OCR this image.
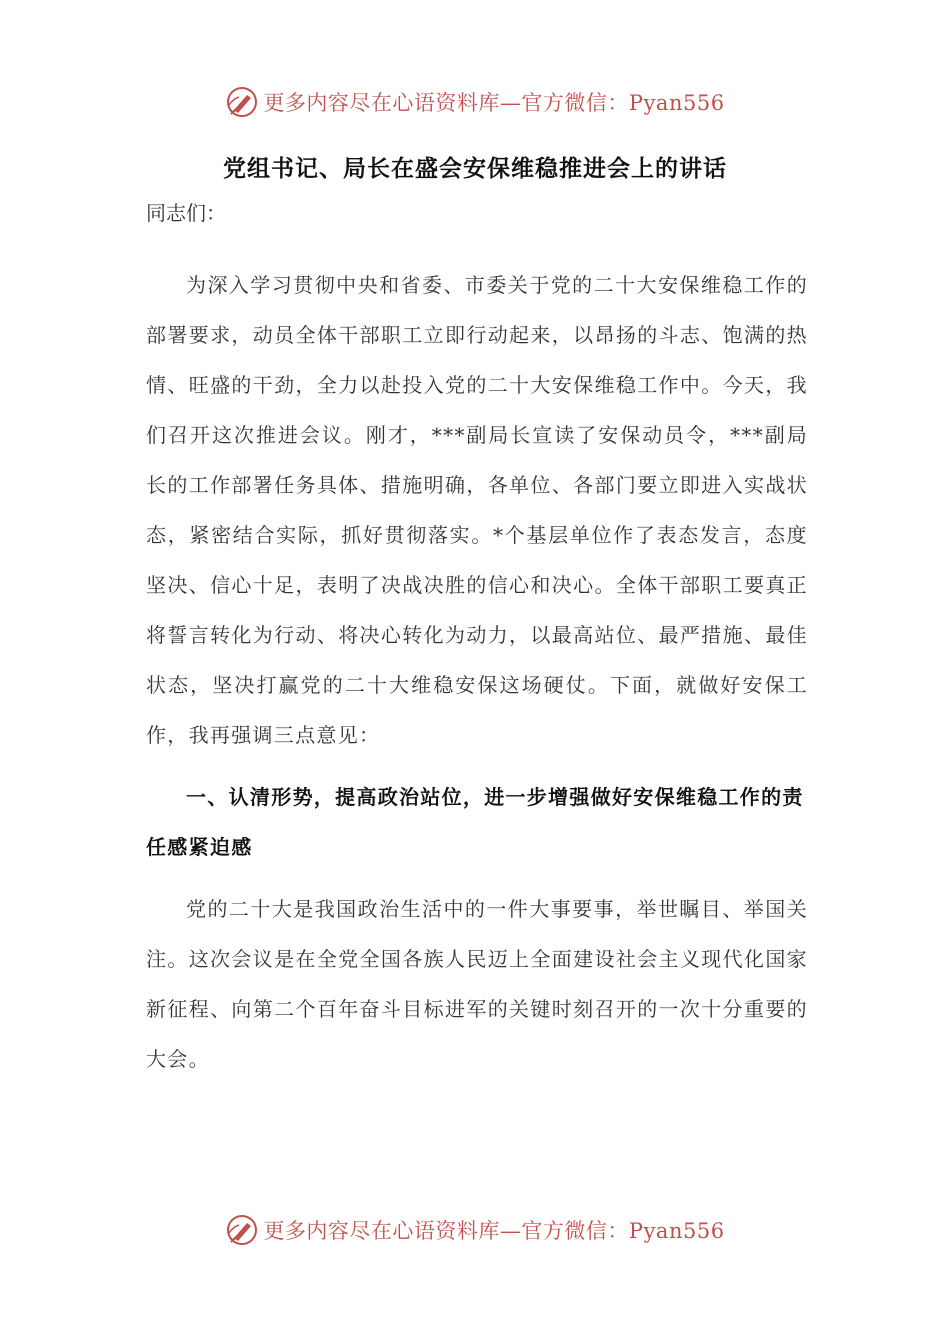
更多内容尽在心语资料库—官方微信：Pyan556
党组书记、局长在盛会安保维稳推进会上的讲话

同志们：

为深入学习贯彻中央和省委、市委关于党的二十大安保维稳工作的部署要求，动员全体干部职工立即行动起来，以昂扬的斗志、饱满的热情、旺盛的干劲，全力以赴投入党的二十大安保维稳工作中。今天，我们召开这次推进会议。刚才，***副局长宣读了安保动员令，***副局长的工作部署任务具体、措施明确，各单位、各部门要立即进入实战状态，紧密结合实际，抓好贯彻落实。*个基层单位作了表态发言，态度坚决、信心十足，表明了决战决胜的信心和决心。全体干部职工要真正将誓言转化为行动、将决心转化为动力，以最高站位、最严措施、最佳状态，坚决打赢党的二十大维稳安保这场硬仗。下面，就做好安保工作，我再强调三点意见：

一、认清形势，提高政治站位，进一步增强做好安保维稳工作的责任感紧迫感

党的二十大是我国政治生活中的一件大事要事，举世瞩目、举国关注。这次会议是在全党全国各族人民迈上全面建设社会主义现代化国家新征程、向第二个百年奋斗目标进军的关键时刻召开的一次十分重要的大会。

更多内容尽在心语资料库—官方微信：Pyan556
